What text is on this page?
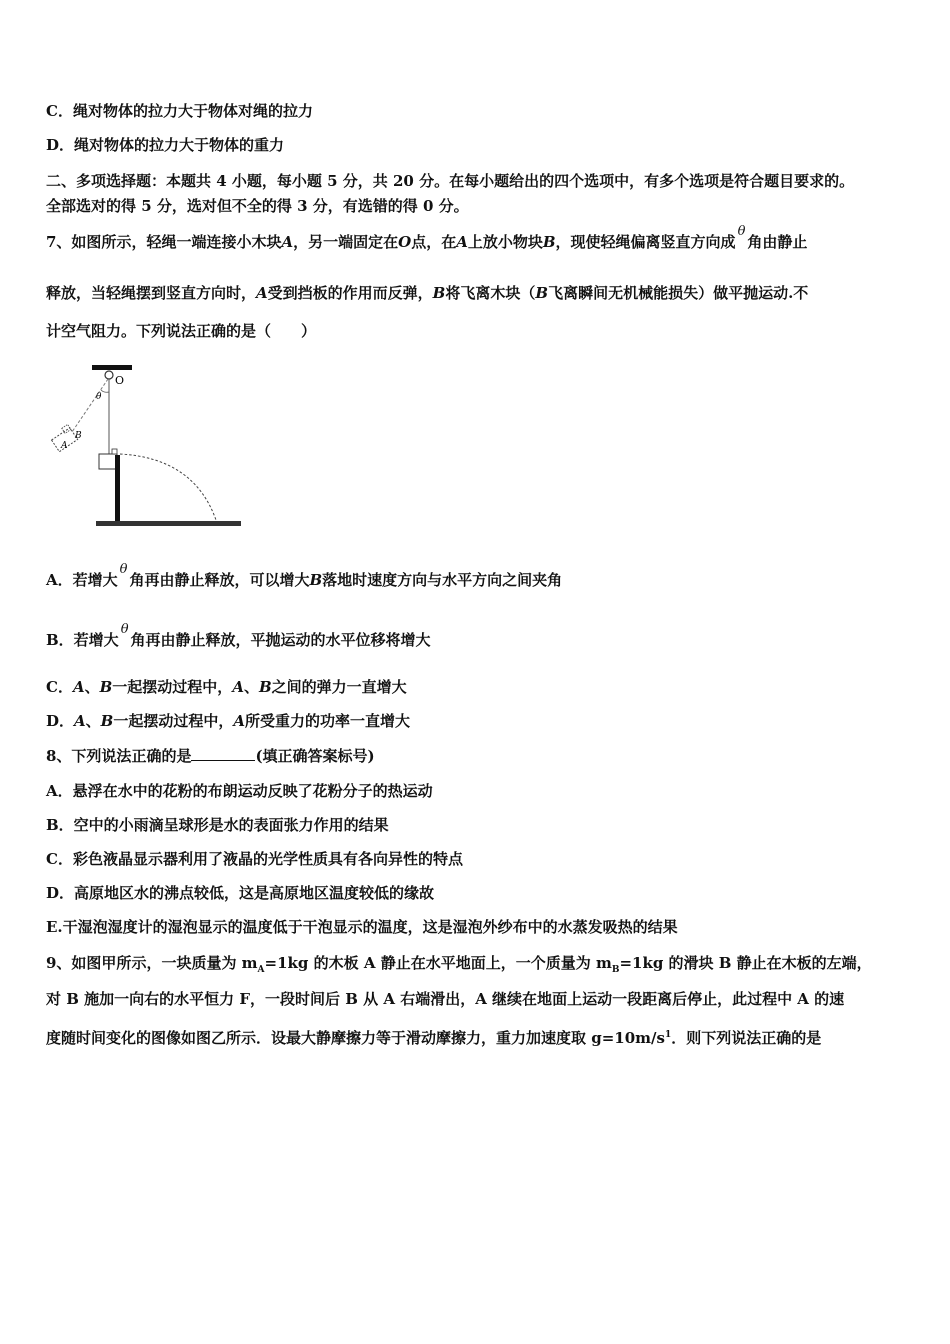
C．绳对物体的拉力大于物体对绳的拉力
D．绳对物体的拉力大于物体的重力
二、多项选择题：本题共 4 小题，每小题 5 分，共 20 分。在每小题给出的四个选项中，有多个选项是符合题目要求的。
全部选对的得 5 分，选对但不全的得 3 分，有选错的得 0 分。
7、如图所示，轻绳一端连接小木块A，另一端固定在O点，在A上放小物块B，现使轻绳偏离竖直方向成θ角由静止
释放，当轻绳摆到竖直方向时，A受到挡板的作用而反弹，B将飞离木块（B飞离瞬间无机械能损失）做平抛运动.不
计空气阻力。下列说法正确的是（　　）
O
θ
A
B
A．若增大θ角再由静止释放，可以增大B落地时速度方向与水平方向之间夹角
B．若增大θ角再由静止释放，平抛运动的水平位移将增大
C．A、B一起摆动过程中，A、B之间的弹力一直增大
D．A、B一起摆动过程中，A所受重力的功率一直增大
8、下列说法正确的是	(填正确答案标号)
A．悬浮在水中的花粉的布朗运动反映了花粉分子的热运动
B．空中的小雨滴呈球形是水的表面张力作用的结果
C．彩色液晶显示器利用了液晶的光学性质具有各向异性的特点
D．高原地区水的沸点较低，这是高原地区温度较低的缘故
E.干湿泡湿度计的湿泡显示的温度低于干泡显示的温度，这是湿泡外纱布中的水蒸发吸热的结果
9、如图甲所示，一块质量为 $m_A=1kg$ 的木板 A 静止在水平地面上，一个质量为 $m_B=1kg$ 的滑块 B 静止在木板的左端，
对 B 施加一向右的水平恒力 F，一段时间后 B 从 A 右端滑出，A 继续在地面上运动一段距离后停止，此过程中 A 的速
度随时间变化的图像如图乙所示．设最大静摩擦力等于滑动摩擦力，重力加速度取 $g=10m/s^1$．则下列说法正确的是
